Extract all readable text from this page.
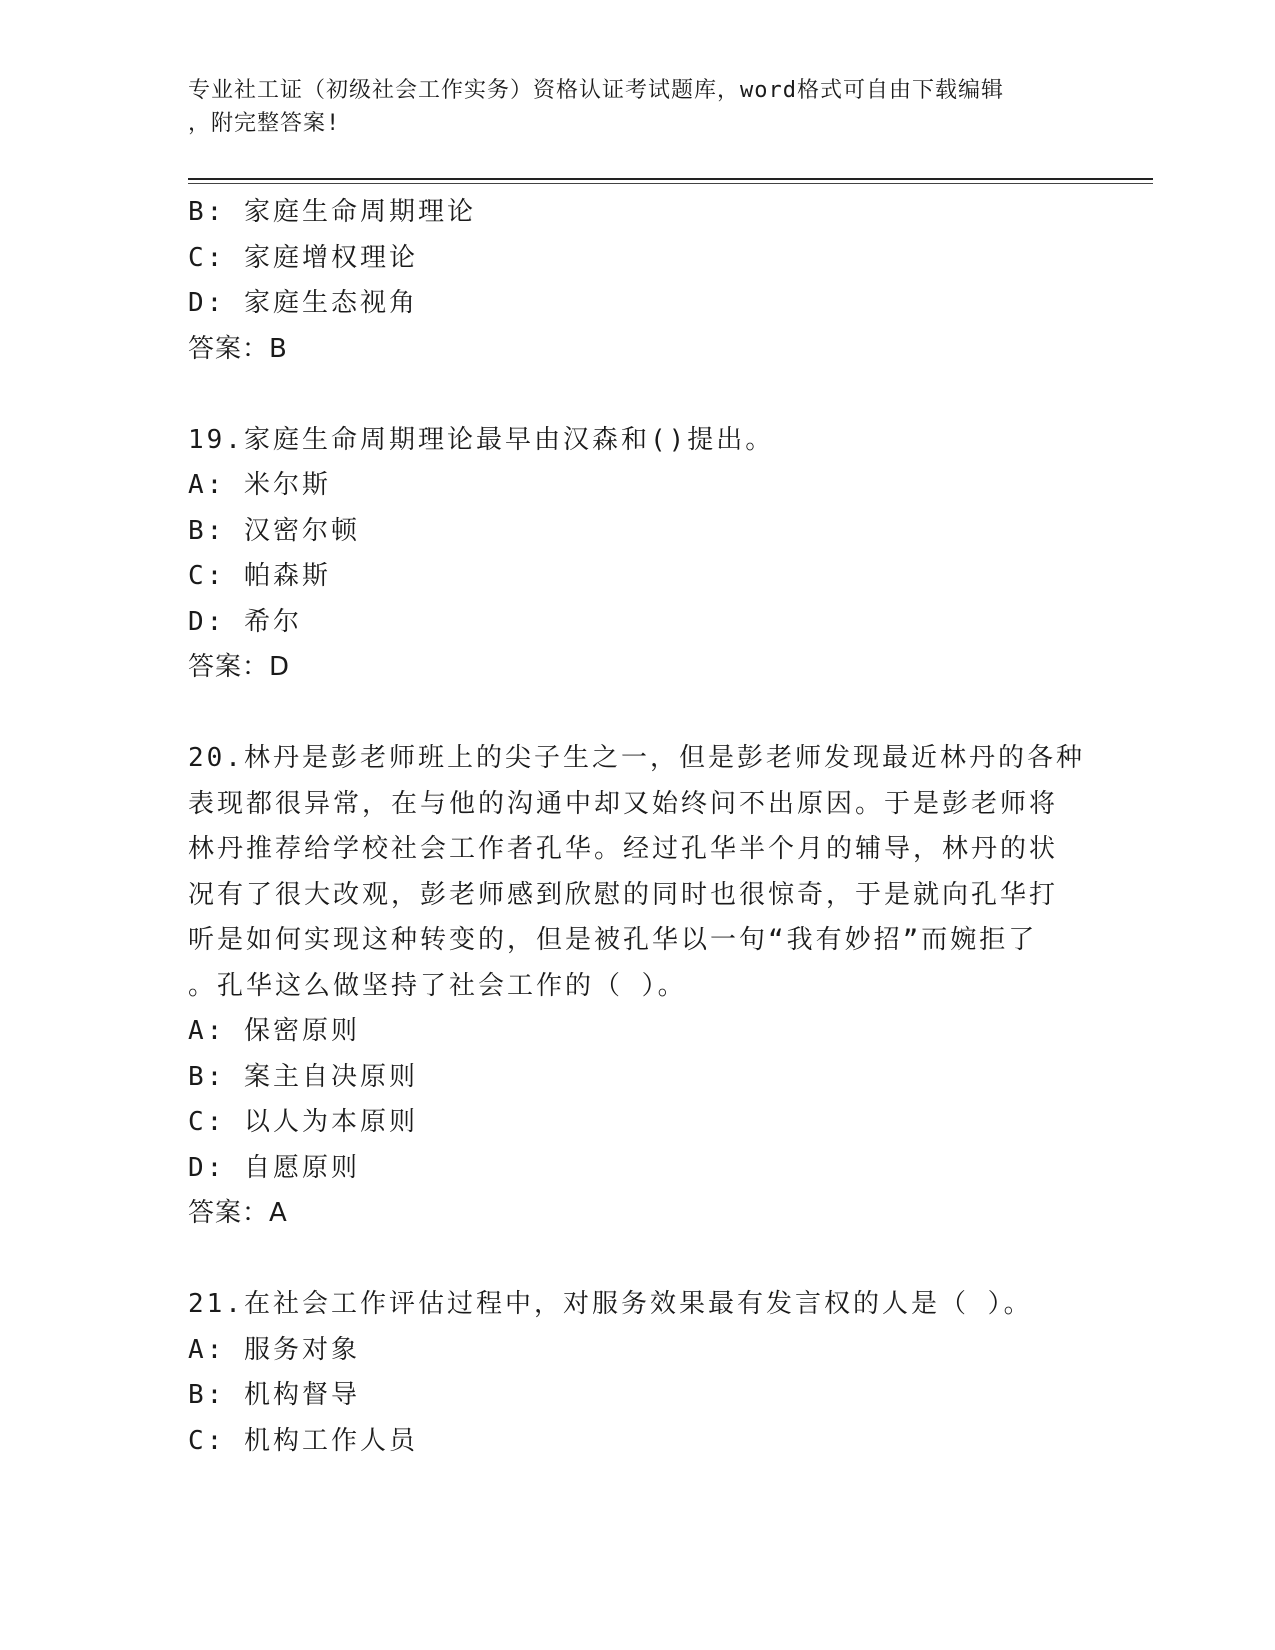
专业社工证（初级社会工作实务）资格认证考试题库，word格式可自由下载编辑
，附完整答案!
B: 家庭生命周期理论
C: 家庭增权理论
D: 家庭生态视角
答案：B
19.家庭生命周期理论最早由汉森和()提出。
A: 米尔斯
B: 汉密尔顿
C: 帕森斯
D: 希尔
答案：D
20.林丹是彭老师班上的尖子生之一，但是彭老师发现最近林丹的各种
表现都很异常，在与他的沟通中却又始终问不出原因。于是彭老师将
林丹推荐给学校社会工作者孔华。经过孔华半个月的辅导，林丹的状
况有了很大改观，彭老师感到欣慰的同时也很惊奇，于是就向孔华打
听是如何实现这种转变的，但是被孔华以一句“我有妙招”而婉拒了
。孔华这么做坚持了社会工作的（ ）。
A: 保密原则
B: 案主自决原则
C: 以人为本原则
D: 自愿原则
答案：A
21.在社会工作评估过程中，对服务效果最有发言权的人是（ ）。
A: 服务对象
B: 机构督导
C: 机构工作人员
